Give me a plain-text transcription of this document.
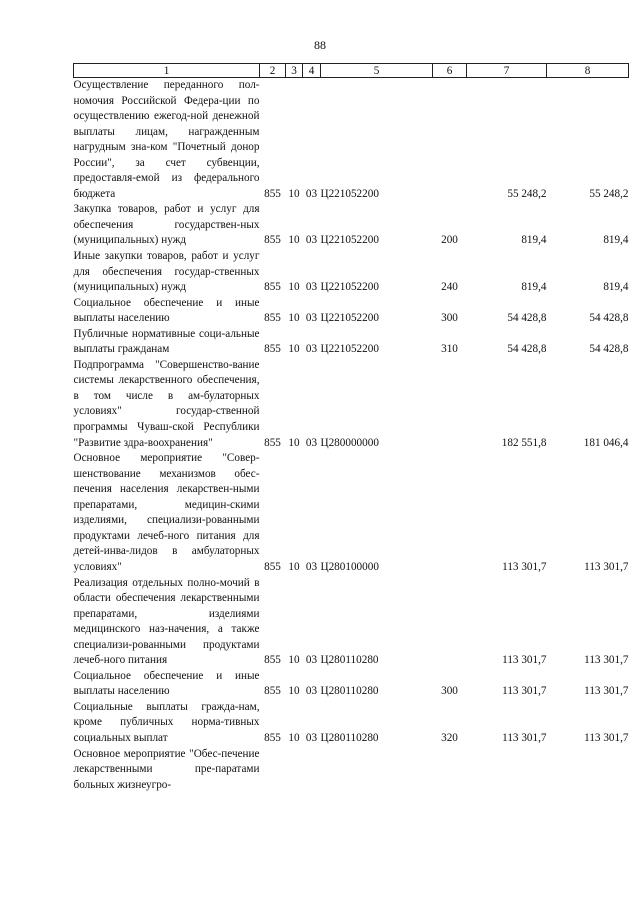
88
1	2	3	4	5	6	7	8
Осуществление переданного пол-номочия Российской Федера-ции по осуществлению ежегод-ной денежной выплаты лицам, награжденным нагрудным зна-ком "Почетный донор России", за счет субвенции, предоставля-емой из федерального бюджета	855	10	03	Ц221052200		55 248,2	55 248,2
Закупка товаров, работ и услуг для обеспечения государствен-ных (муниципальных) нужд	855	10	03	Ц221052200	200	819,4	819,4
Иные закупки товаров, работ и услуг для обеспечения государ-ственных (муниципальных) нужд	855	10	03	Ц221052200	240	819,4	819,4
Социальное обеспечение и иные выплаты населению	855	10	03	Ц221052200	300	54 428,8	54 428,8
Публичные нормативные соци-альные выплаты гражданам	855	10	03	Ц221052200	310	54 428,8	54 428,8
Подпрограмма "Совершенство-вание системы лекарственного обеспечения, в том числе в ам-булаторных условиях" государ-ственной программы Чуваш-ской Республики "Развитие здра-воохранения"	855	10	03	Ц280000000		182 551,8	181 046,4
Основное мероприятие "Совер-шенствование механизмов обес-печения населения лекарствен-ными препаратами, медицин-скими изделиями, специализи-рованными продуктами лечеб-ного питания для детей-инва-лидов в амбулаторных условиях"	855	10	03	Ц280100000		113 301,7	113 301,7
Реализация отдельных полно-мочий в области обеспечения лекарственными препаратами, изделиями медицинского наз-начения, а также специализи-рованными продуктами лечеб-ного питания	855	10	03	Ц280110280		113 301,7	113 301,7
Социальное обеспечение и иные выплаты населению	855	10	03	Ц280110280	300	113 301,7	113 301,7
Социальные выплаты гражда-нам, кроме публичных норма-тивных социальных выплат	855	10	03	Ц280110280	320	113 301,7	113 301,7
Основное мероприятие "Обес-печение лекарственными пре-паратами больных жизнеугро-							
